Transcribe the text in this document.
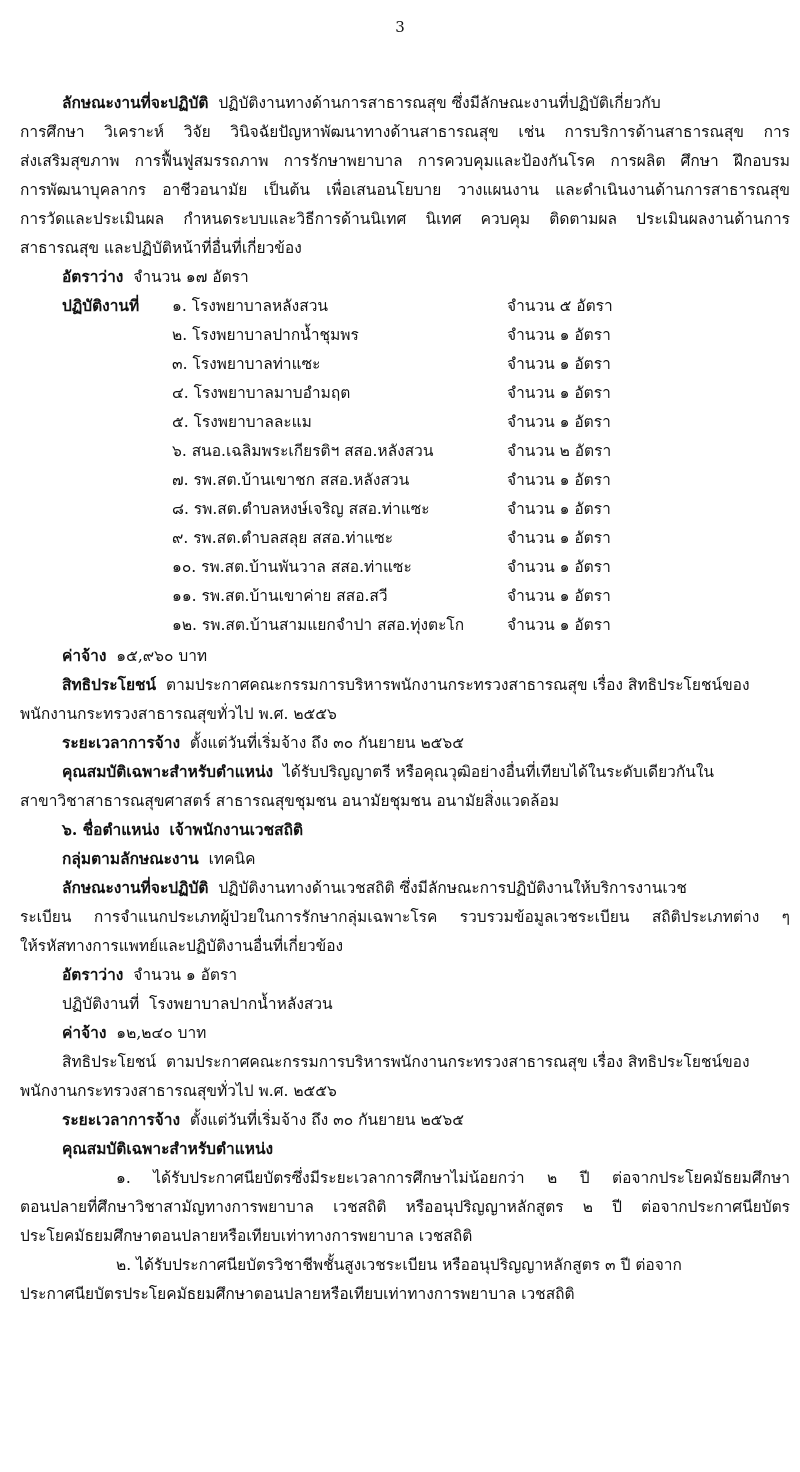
3
ลักษณะงานที่จะปฏิบัติ ปฏิบัติงานทางด้านการสาธารณสุข ซึ่งมีลักษณะงานที่ปฏิบัติเกี่ยวกับ
การศึกษา วิเคราะห์ วิจัย วินิจฉัยปัญหาพัฒนาทางด้านสาธารณสุข เช่น การบริการด้านสาธารณสุข การ
ส่งเสริมสุขภาพ การฟื้นฟูสมรรถภาพ การรักษาพยาบาล การควบคุมและป้องกันโรค การผลิต ศึกษา ฝึกอบรม
การพัฒนาบุคลากร อาชีวอนามัย เป็นต้น เพื่อเสนอนโยบาย วางแผนงาน และดำเนินงานด้านการสาธารณสุข
การวัดและประเมินผล กำหนดระบบและวิธีการด้านนิเทศ นิเทศ ควบคุม ติดตามผล ประเมินผลงานด้านการ
สาธารณสุข และปฏิบัติหน้าที่อื่นที่เกี่ยวข้อง
อัตราว่าง จำนวน ๑๗ อัตรา
ปฏิบัติงานที่ ๑. โรงพยาบาลหลังสวน	จำนวน ๕ อัตรา
๒. โรงพยาบาลปากน้ำชุมพร	จำนวน ๑ อัตรา
๓. โรงพยาบาลท่าแซะ	จำนวน ๑ อัตรา
๔. โรงพยาบาลมาบอำมฤต	จำนวน ๑ อัตรา
๕. โรงพยาบาลละแม	จำนวน ๑ อัตรา
๖. สนอ.เฉลิมพระเกียรติฯ สสอ.หลังสวน	จำนวน ๒ อัตรา
๗. รพ.สต.บ้านเขาชก สสอ.หลังสวน	จำนวน ๑ อัตรา
๘. รพ.สต.ตำบลหงษ์เจริญ สสอ.ท่าแซะ	จำนวน ๑ อัตรา
๙. รพ.สต.ตำบลสลุย สสอ.ท่าแซะ	จำนวน ๑ อัตรา
๑๐. รพ.สต.บ้านพันวาล สสอ.ท่าแซะ	จำนวน ๑ อัตรา
๑๑. รพ.สต.บ้านเขาค่าย สสอ.สวี	จำนวน ๑ อัตรา
๑๒. รพ.สต.บ้านสามแยกจำปา สสอ.ทุ่งตะโก	จำนวน ๑ อัตรา
ค่าจ้าง ๑๕,๙๖๐ บาท
สิทธิประโยชน์ ตามประกาศคณะกรรมการบริหารพนักงานกระทรวงสาธารณสุข เรื่อง สิทธิประโยชน์ของ
พนักงานกระทรวงสาธารณสุขทั่วไป พ.ศ. ๒๕๕๖
ระยะเวลาการจ้าง ตั้งแต่วันที่เริ่มจ้าง ถึง ๓๐ กันยายน ๒๕๖๕
คุณสมบัติเฉพาะสำหรับตำแหน่ง ได้รับปริญญาตรี หรือคุณวุฒิอย่างอื่นที่เทียบได้ในระดับเดียวกันใน
สาขาวิชาสาธารณสุขศาสตร์ สาธารณสุขชุมชน อนามัยชุมชน อนามัยสิ่งแวดล้อม
๖. ชื่อตำแหน่ง เจ้าพนักงานเวชสถิติ
กลุ่มตามลักษณะงาน เทคนิค
ลักษณะงานที่จะปฏิบัติ ปฏิบัติงานทางด้านเวชสถิติ ซึ่งมีลักษณะการปฏิบัติงานให้บริการงานเวช
ระเบียน การจำแนกประเภทผู้ป่วยในการรักษากลุ่มเฉพาะโรค รวบรวมข้อมูลเวชระเบียน สถิติประเภทต่าง ๆ
ให้รหัสทางการแพทย์และปฏิบัติงานอื่นที่เกี่ยวข้อง
อัตราว่าง จำนวน ๑ อัตรา
ปฏิบัติงานที่ โรงพยาบาลปากน้ำหลังสวน
ค่าจ้าง ๑๒,๒๔๐ บาท
สิทธิประโยชน์ ตามประกาศคณะกรรมการบริหารพนักงานกระทรวงสาธารณสุข เรื่อง สิทธิประโยชน์ของ
พนักงานกระทรวงสาธารณสุขทั่วไป พ.ศ. ๒๕๕๖
ระยะเวลาการจ้าง ตั้งแต่วันที่เริ่มจ้าง ถึง ๓๐ กันยายน ๒๕๖๕
คุณสมบัติเฉพาะสำหรับตำแหน่ง
๑. ได้รับประกาศนียบัตรซึ่งมีระยะเวลาการศึกษาไม่น้อยกว่า ๒ ปี ต่อจากประโยคมัธยมศึกษา
ตอนปลายที่ศึกษาวิชาสามัญทางการพยาบาล เวชสถิติ หรืออนุปริญญาหลักสูตร ๒ ปี ต่อจากประกาศนียบัตร
ประโยคมัธยมศึกษาตอนปลายหรือเทียบเท่าทางการพยาบาล เวชสถิติ
๒. ได้รับประกาศนียบัตรวิชาชีพชั้นสูงเวชระเบียน หรืออนุปริญญาหลักสูตร ๓ ปี ต่อจาก
ประกาศนียบัตรประโยคมัธยมศึกษาตอนปลายหรือเทียบเท่าทางการพยาบาล เวชสถิติ
